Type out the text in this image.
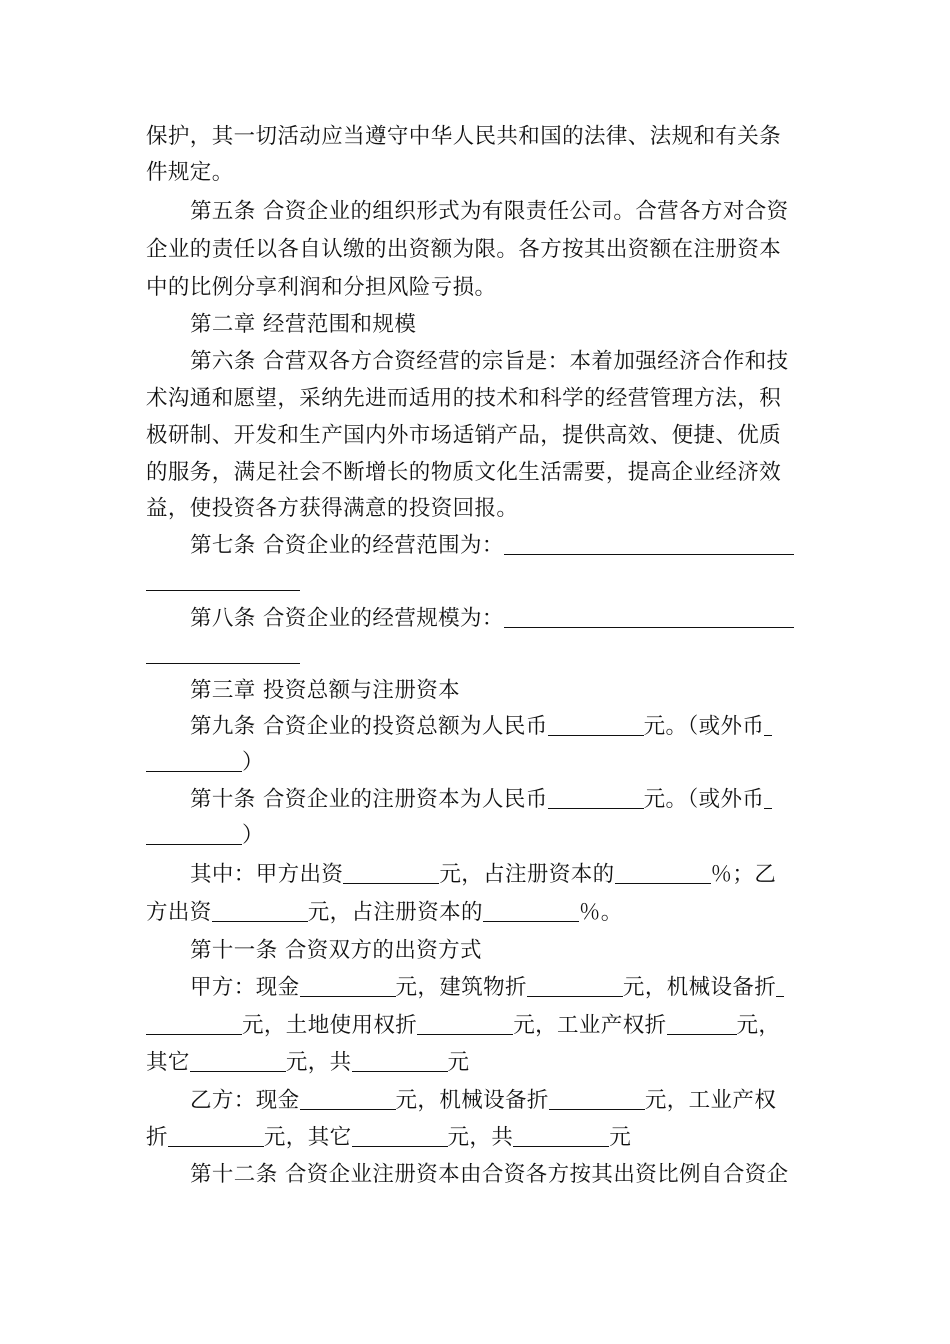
保护，其一切活动应当遵守中华人民共和国的法律、法规和有关条
件规定。
第五条 合资企业的组织形式为有限责任公司。合营各方对合资
企业的责任以各自认缴的出资额为限。各方按其出资额在注册资本
中的比例分享利润和分担风险亏损。
第二章 经营范围和规模
第六条 合营双各方合资经营的宗旨是：本着加强经济合作和技
术沟通和愿望，采纳先进而适用的技术和科学的经营管理方法，积
极研制、开发和生产国内外市场适销产品，提供高效、便捷、优质
的服务，满足社会不断增长的物质文化生活需要，提高企业经济效
益，使投资各方获得满意的投资回报。
第七条 合资企业的经营范围为：
第八条 合资企业的经营规模为：
第三章 投资总额与注册资本
第九条 合资企业的投资总额为人民币	元。（或外币
）
第十条 合资企业的注册资本为人民币	元。（或外币
）
其中：甲方出资	元，占注册资本的	％；乙
方出资	元，占注册资本的	％。
第十一条 合资双方的出资方式
甲方：现金	元，建筑物折	元，机械设备折
元，土地使用权折	元，工业产权折	元，
其它	元，共	元
乙方：现金	元，机械设备折	元，工业产权
折	元，其它	元，共	元
第十二条 合资企业注册资本由合资各方按其出资比例自合资企
